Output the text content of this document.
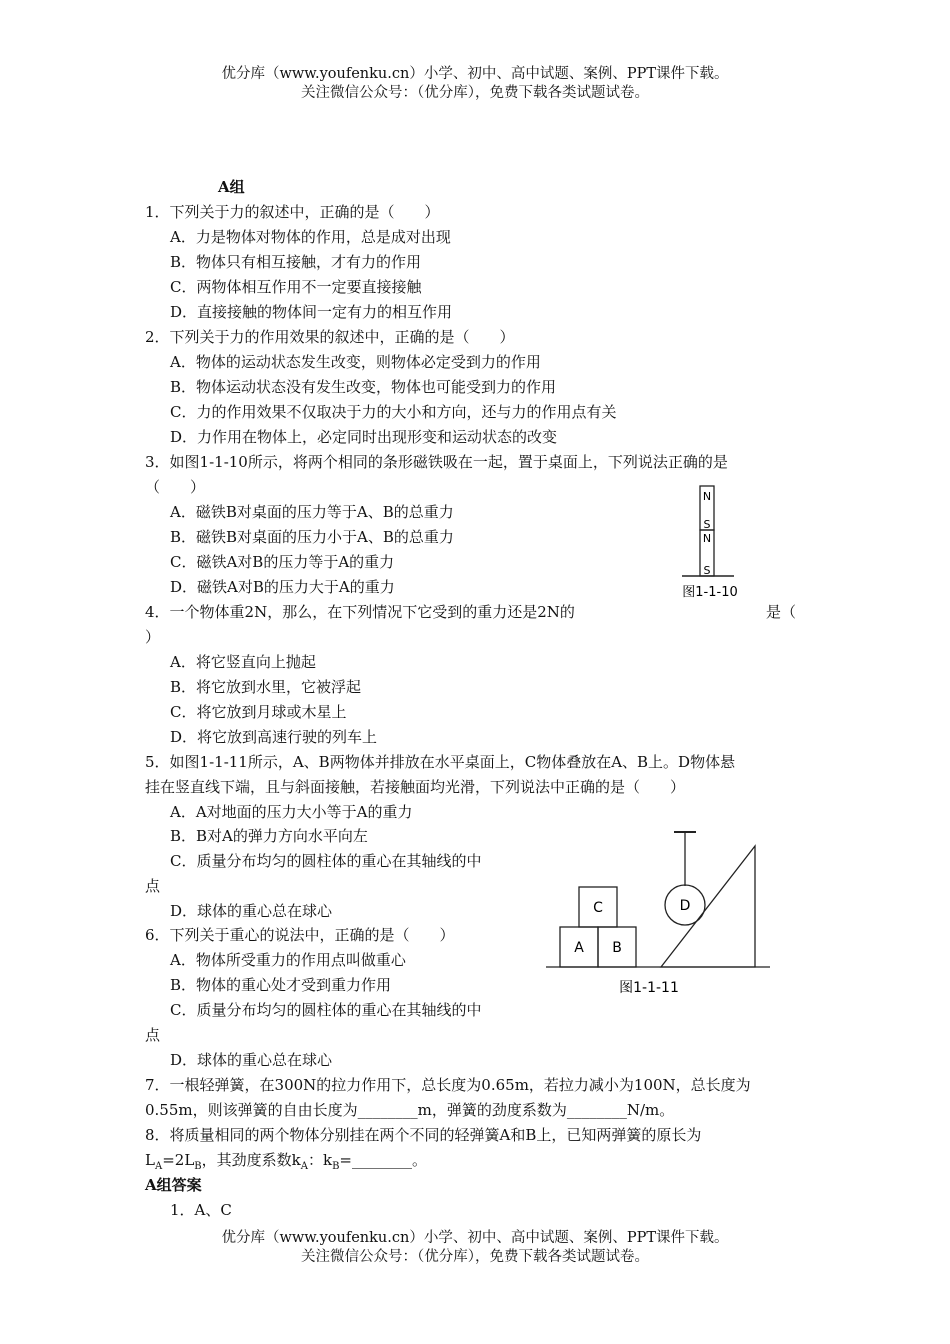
优分库（www.youfenku.cn）小学、初中、高中试题、案例、PPT课件下载。
关注微信公众号：（优分库），免费下载各类试题试卷。
A组
1．下列关于力的叙述中，正确的是（　　）
A．力是物体对物体的作用，总是成对出现
B．物体只有相互接触，才有力的作用
C．两物体相互作用不一定要直接接触
D．直接接触的物体间一定有力的相互作用
2．下列关于力的作用效果的叙述中，正确的是（　　）
A．物体的运动状态发生改变，则物体必定受到力的作用
B．物体运动状态没有发生改变，物体也可能受到力的作用
C．力的作用效果不仅取决于力的大小和方向，还与力的作用点有关
D．力作用在物体上，必定同时出现形变和运动状态的改变
3．如图1-1-10所示，将两个相同的条形磁铁吸在一起，置于桌面上，下列说法正确的是
（　　）
A．磁铁B对桌面的压力等于A、B的总重力
B．磁铁B对桌面的压力小于A、B的总重力
C．磁铁A对B的压力等于A的重力
D．磁铁A对B的压力大于A的重力
N
S
N
S
图1-1-10
4．一个物体重2N，那么，在下列情况下它受到的重力还是2N的	是（
）
A．将它竖直向上抛起
B．将它放到水里，它被浮起
C．将它放到月球或木星上
D．将它放到高速行驶的列车上
5．如图1-1-11所示，A、B两物体并排放在水平桌面上，C物体叠放在A、B上。D物体悬
挂在竖直线下端，且与斜面接触，若接触面均光滑，下列说法中正确的是（　　）
A．A对地面的压力大小等于A的重力
B．B对A的弹力方向水平向左
C．质量分布均匀的圆柱体的重心在其轴线的中
点
D．球体的重心总在球心
A B
C	D
图1-1-11
6．下列关于重心的说法中，正确的是（　　）
A．物体所受重力的作用点叫做重心
B．物体的重心处才受到重力作用
C．质量分布均匀的圆柱体的重心在其轴线的中
点
D．球体的重心总在球心
7．一根轻弹簧，在300N的拉力作用下，总长度为0.65m，若拉力减小为100N，总长度为
0.55m，则该弹簧的自由长度为________m，弹簧的劲度系数为________N/m。
8．将质量相同的两个物体分别挂在两个不同的轻弹簧A和B上，已知两弹簧的原长为
$L_A=2L_B$，其劲度系数$k_A$：$k_B=\_\_\_\_\_\_\_\_$。
A组答案
1．A、C
优分库（www.youfenku.cn）小学、初中、高中试题、案例、PPT课件下载。
关注微信公众号：（优分库），免费下载各类试题试卷。
